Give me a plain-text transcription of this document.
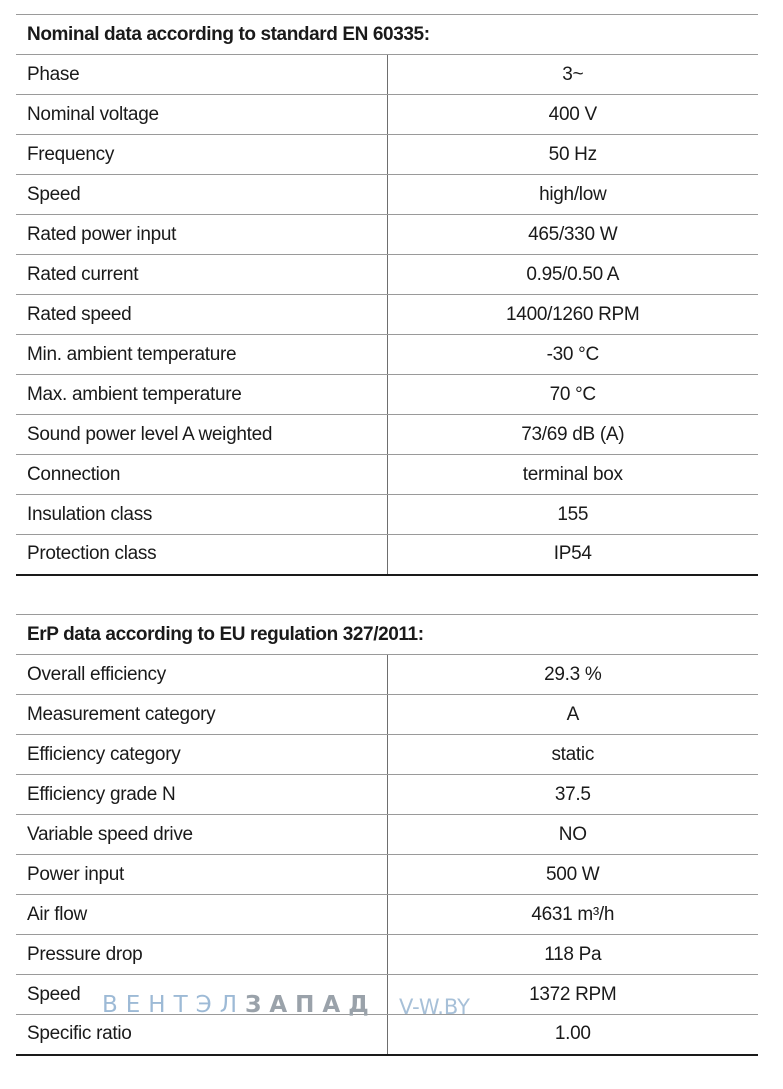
Nominal data according to standard EN 60335:	
Phase	3~
Nominal voltage	400 V
Frequency	50 Hz
Speed	high/low
Rated power input	465/330 W
Rated current	0.95/0.50 A
Rated speed	1400/1260 RPM
Min. ambient temperature	-30 °C
Max. ambient temperature	70 °C
Sound power level A weighted	73/69 dB (A)
Connection	terminal box
Insulation class	155
Protection class	IP54
ErP data according to EU regulation 327/2011:	
Overall efficiency	29.3 %
Measurement category	A
Efficiency category	static
Efficiency grade N	37.5
Variable speed drive	NO
Power input	500 W
Air flow	4631 m³/h
Pressure drop	118 Pa
Speed	1372 RPM
Specific ratio	1.00
ВЕНТЭЛЗАПАД V-W.BY
